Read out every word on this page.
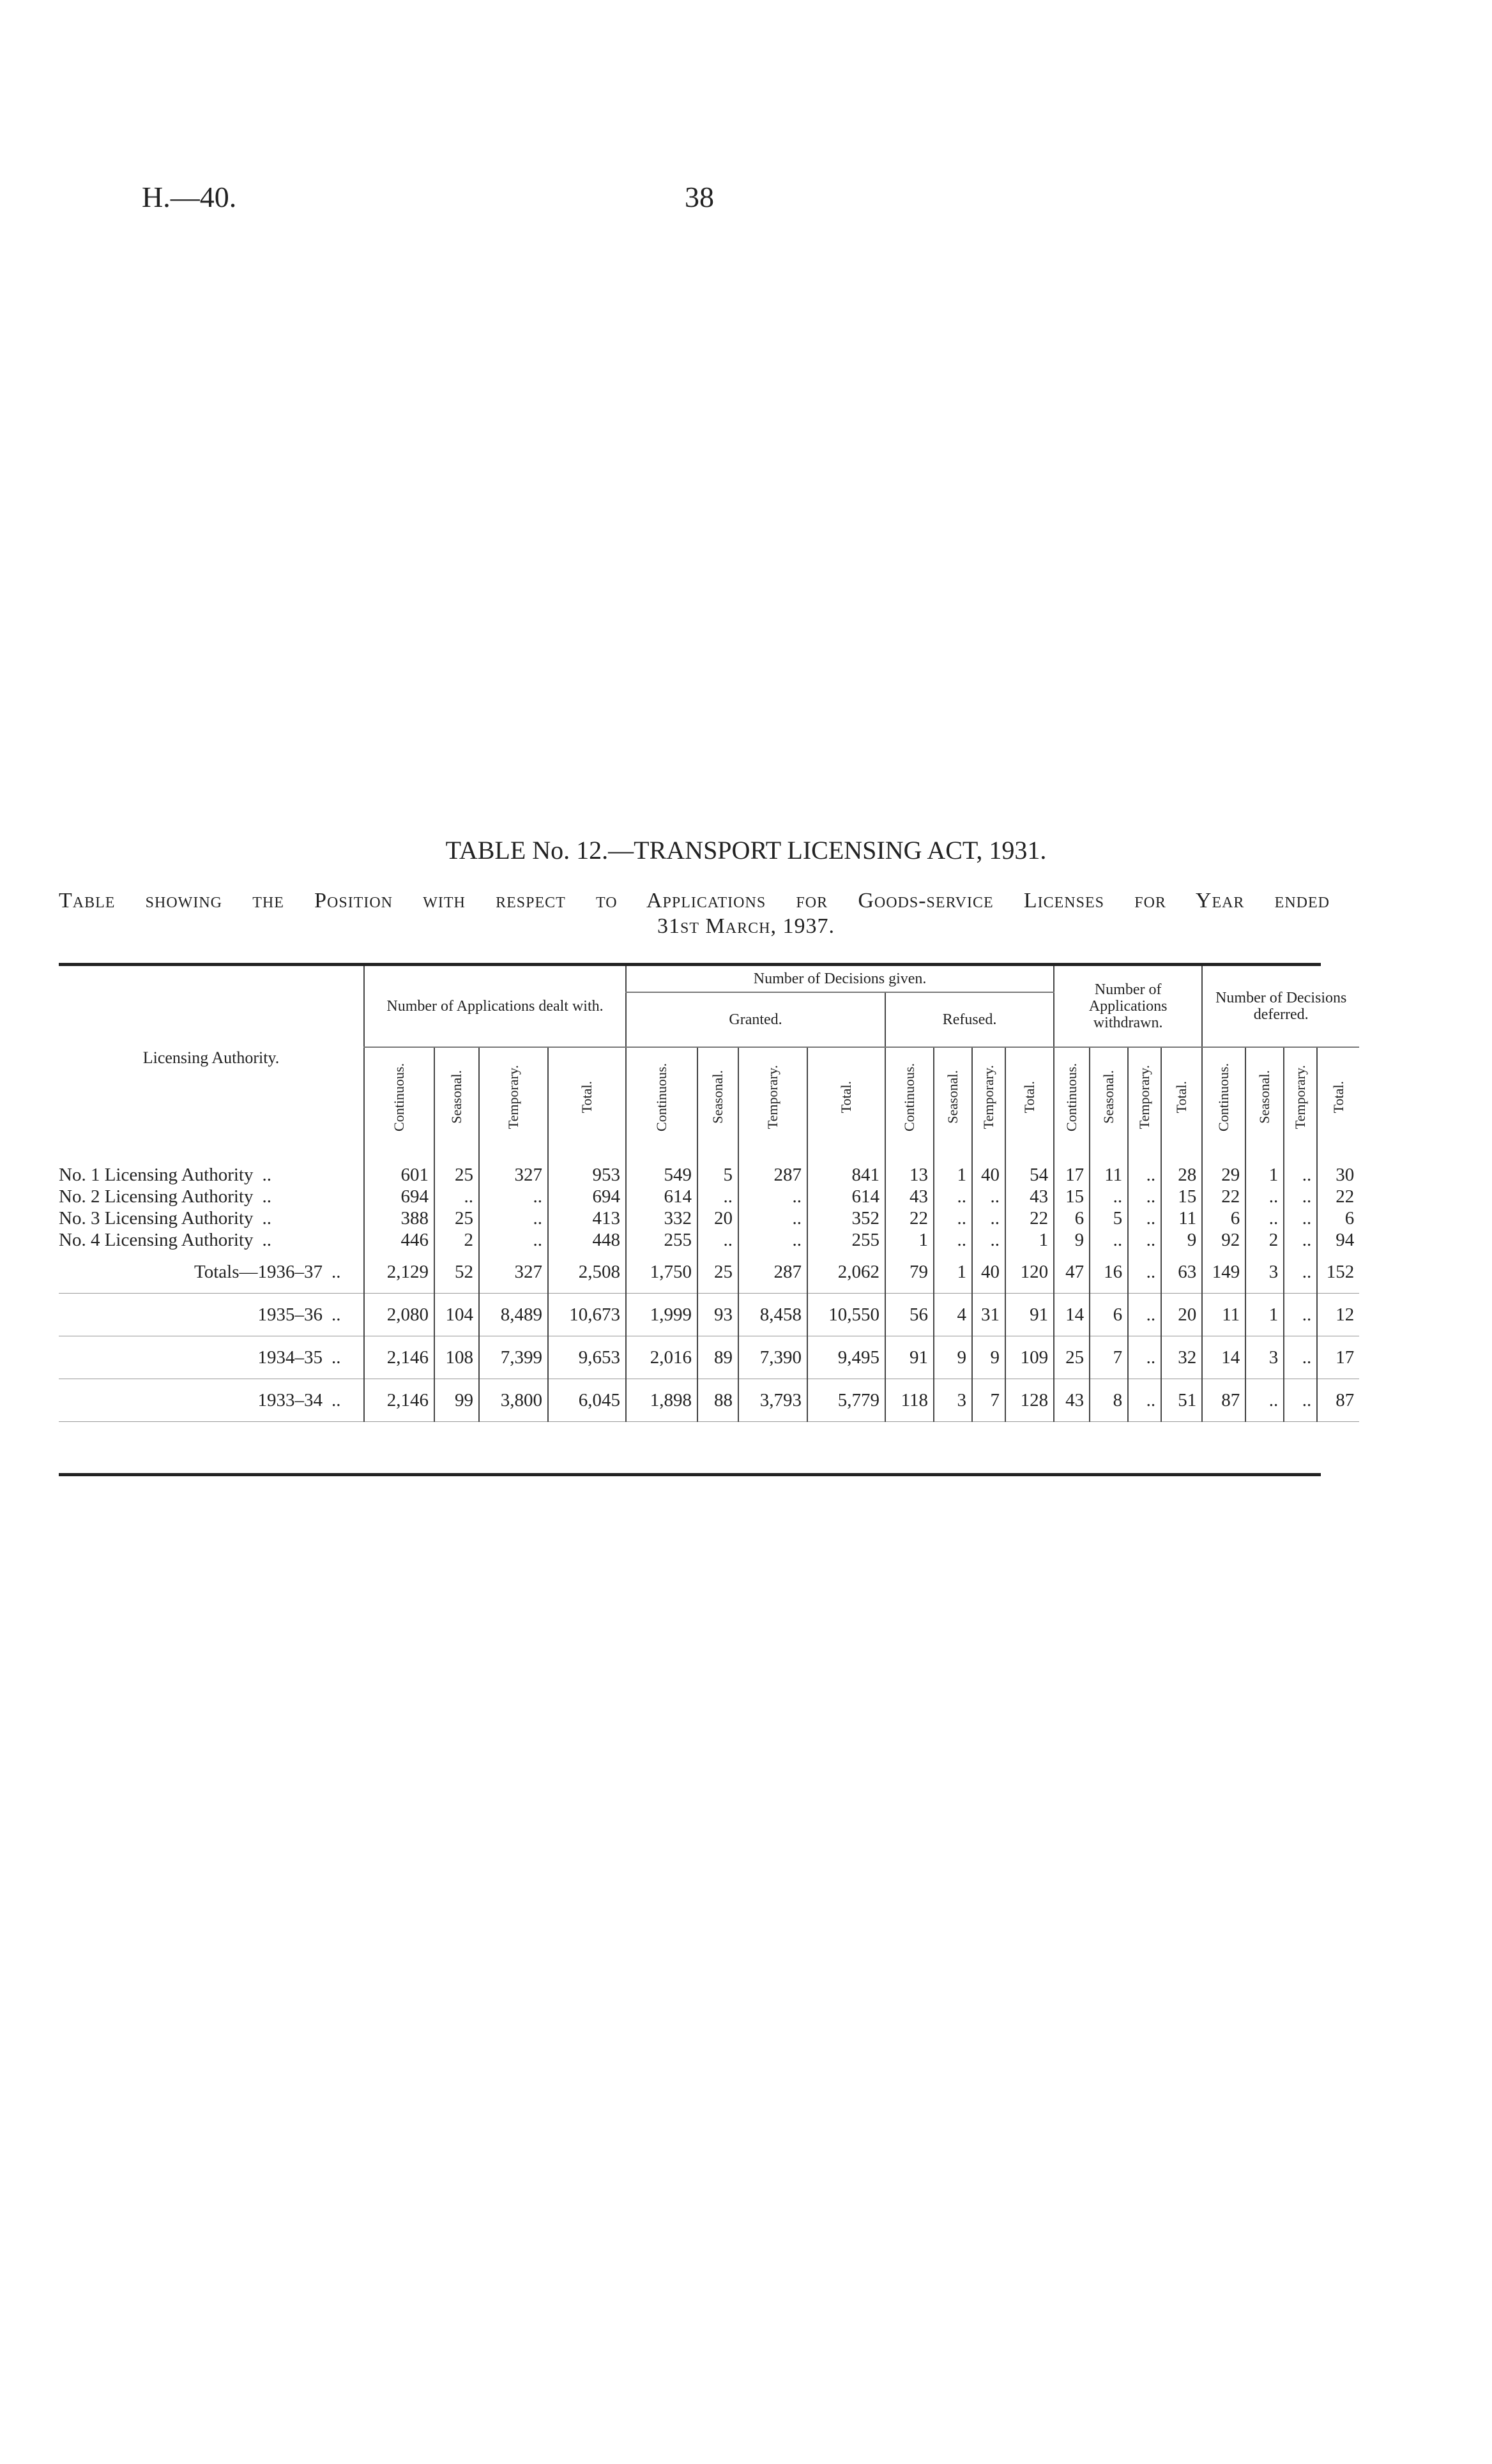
H.—40.	38
TABLE No. 12.—TRANSPORT LICENSING ACT, 1931.
Table showing the Position with respect to Applications for Goods-service Licenses for Year ended
31st March, 1937.
Licensing Authority.	Number of Applications dealt with.				Number of Decisions given.								Number of Applications withdrawn.				Number of Decisions deferred.			
					Granted.				Refused.											
	Continuous.	Seasonal.	Temporary.	Total.	Continuous.	Seasonal.	Temporary.	Total.	Continuous.	Seasonal.	Temporary.	Total.	Continuous.	Seasonal.	Temporary.	Total.	Continuous.	Seasonal.	Temporary.	Total.

No. 1 Licensing Authority ..	601	25	327	953	549	5	287	841	13	1	40	54	17	11	..	28	29	1	..	30
No. 2 Licensing Authority ..	694	..	..	694	614	..	..	614	43	..	..	43	15	..	..	15	22	..	..	22
No. 3 Licensing Authority ..	388	25	..	413	332	20	..	352	22	..	..	22	6	5	..	11	6	..	..	6
No. 4 Licensing Authority ..	446	2	..	448	255	..	..	255	1	..	..	1	9	..	..	9	92	2	..	94
Totals—1936–37 ..	2,129	52	327	2,508	1,750	25	287	2,062	79	1	40	120	47	16	..	63	149	3	..	152
1935–36 ..	2,080	104	8,489	10,673	1,999	93	8,458	10,550	56	4	31	91	14	6	..	20	11	1	..	12
1934–35 ..	2,146	108	7,399	9,653	2,016	89	7,390	9,495	91	9	9	109	25	7	..	32	14	3	..	17
1933–34 ..	2,146	99	3,800	6,045	1,898	88	3,793	5,779	118	3	7	128	43	8	..	51	87	..	..	87
